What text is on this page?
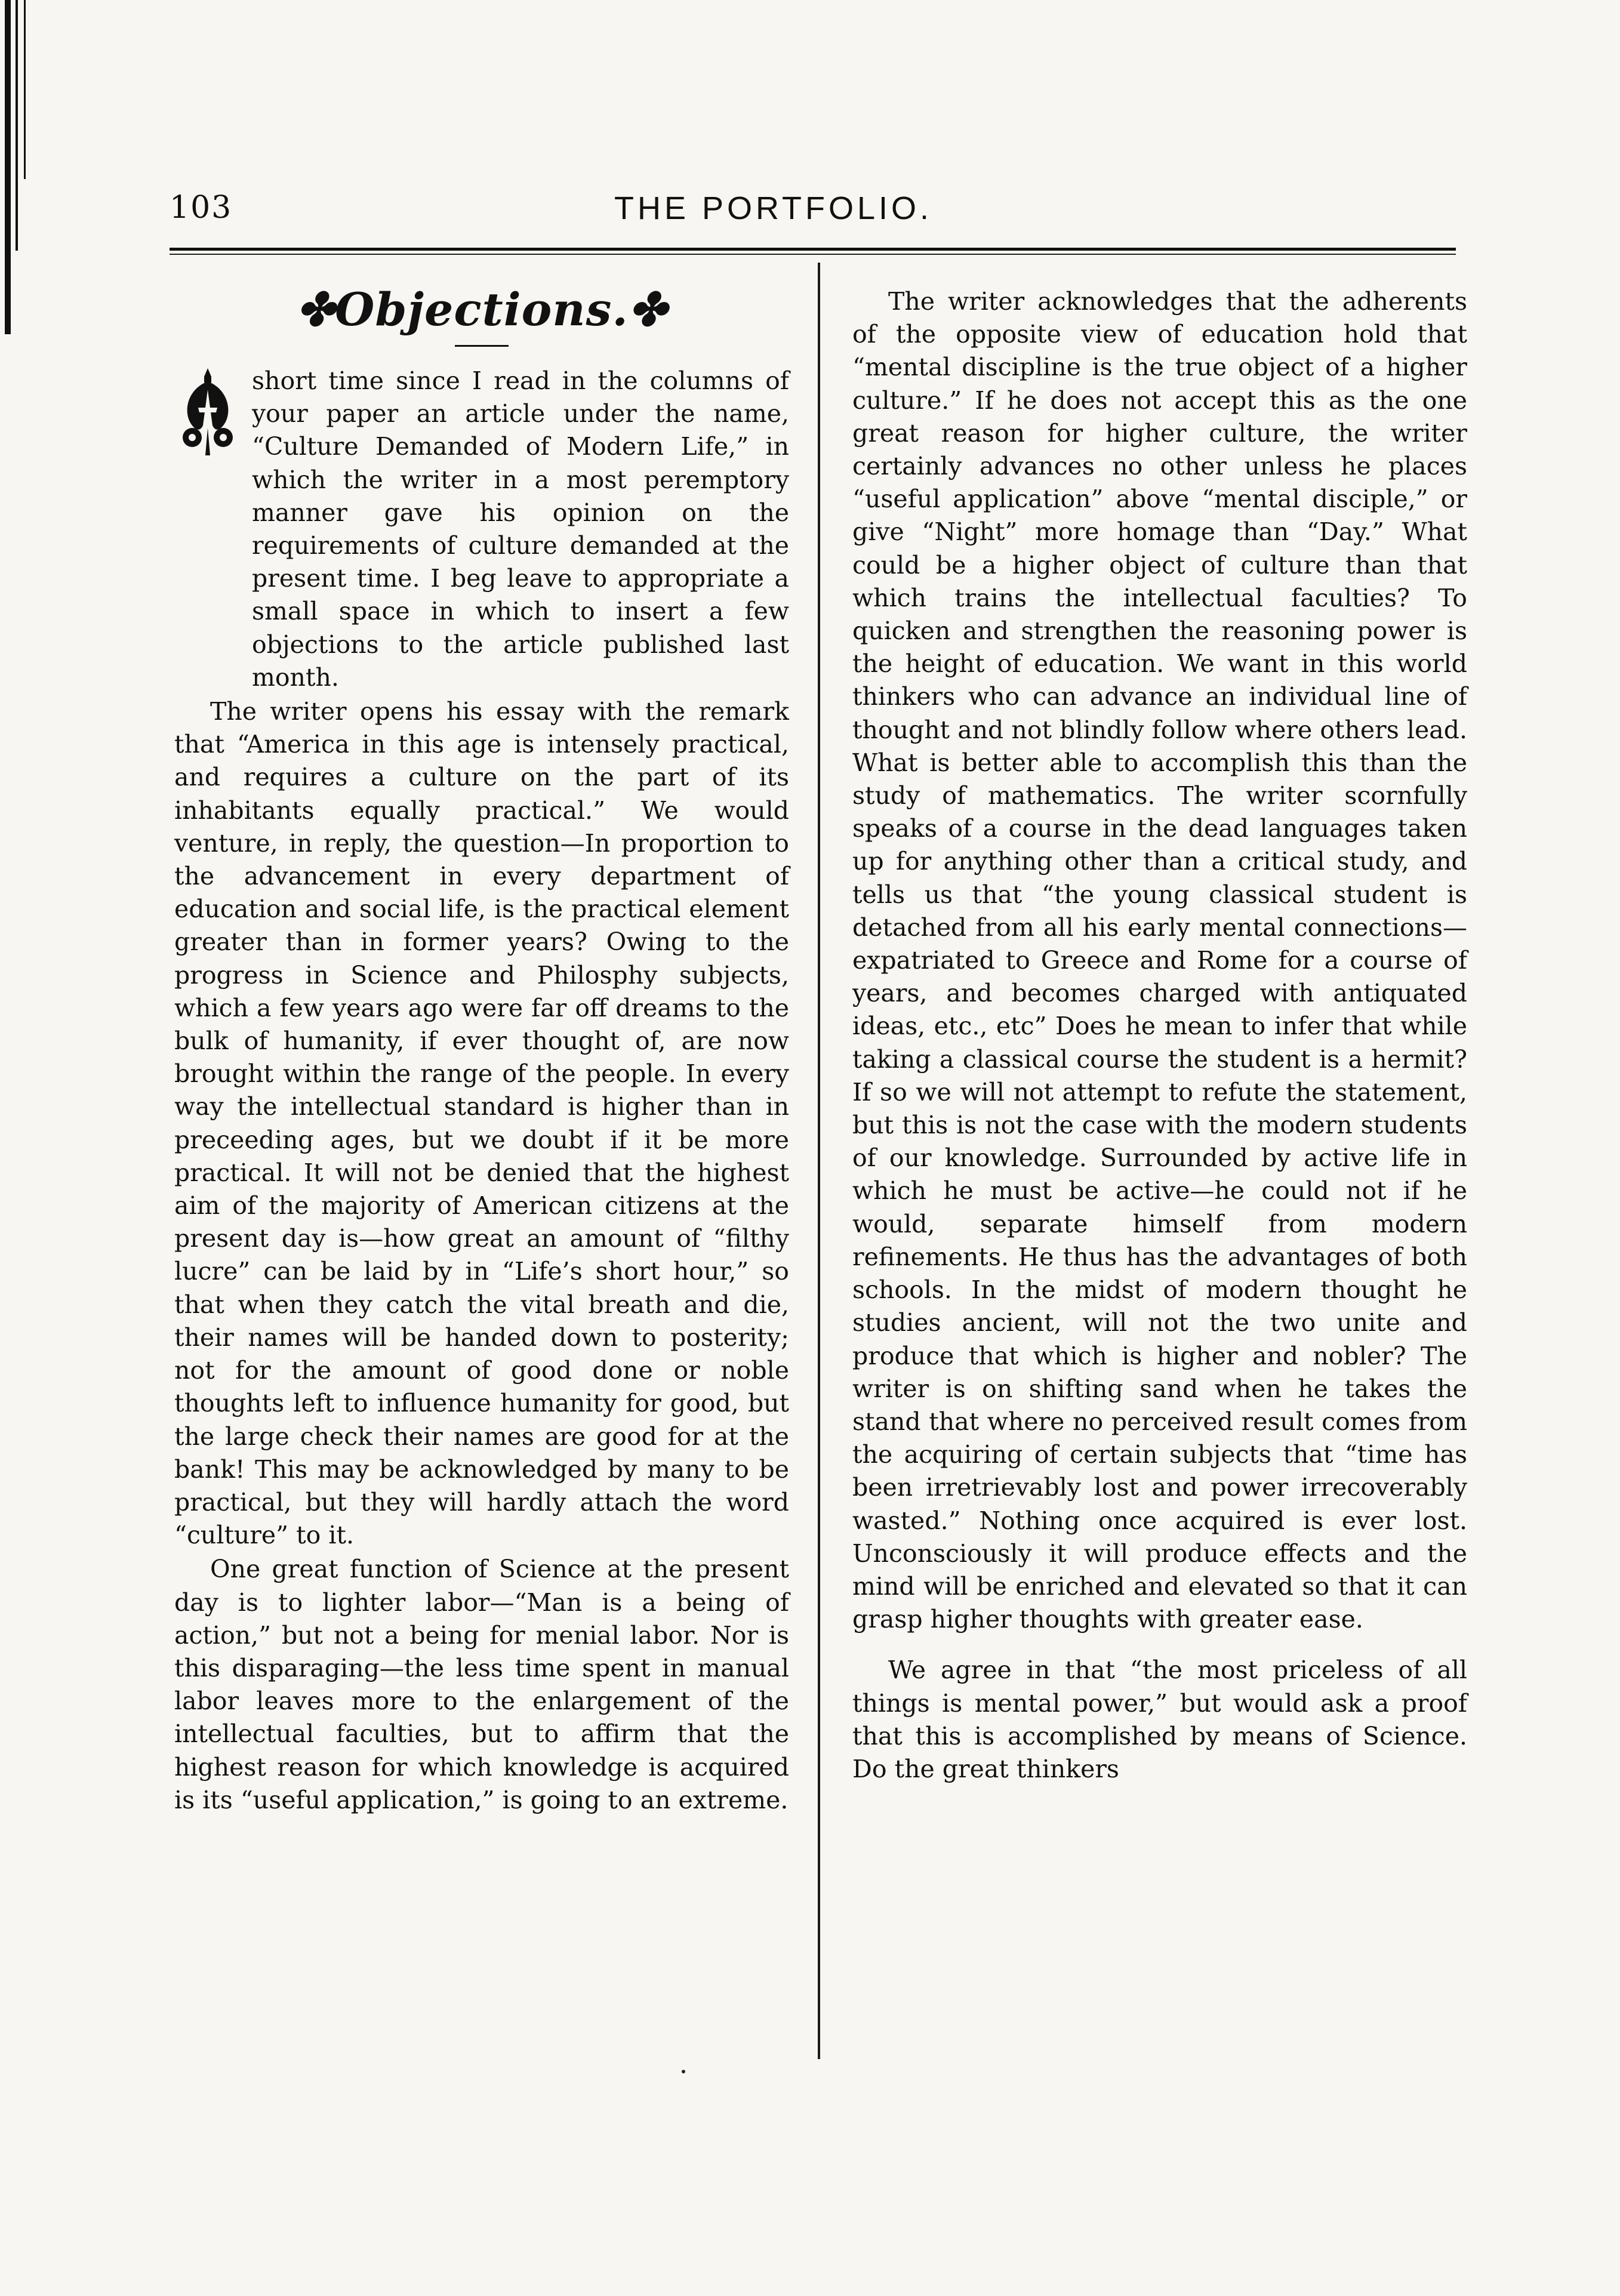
103	THE PORTFOLIO.
✤Objections.✤

short time since I read in the columns of your paper an article under the name, “Culture Demanded of Modern Life,” in which the writer in a most peremptory manner gave his opinion on the requirements of culture demanded at the present time. I beg leave to appropriate a small space in which to insert a few objections to the article published last month.

The writer opens his essay with the remark that “America in this age is intensely practical, and requires a culture on the part of its inhabitants equally practical.” We would venture, in reply, the question—In proportion to the advancement in every department of education and social life, is the practical element greater than in former years? Owing to the progress in Science and Philosphy subjects, which a few years ago were far off dreams to the bulk of humanity, if ever thought of, are now brought within the range of the people. In every way the intellectual standard is higher than in preceeding ages, but we doubt if it be more practical. It will not be denied that the highest aim of the majority of American citizens at the present day is—how great an amount of “filthy lucre” can be laid by in “Life’s short hour,” so that when they catch the vital breath and die, their names will be handed down to posterity; not for the amount of good done or noble thoughts left to influence humanity for good, but the large check their names are good for at the bank! This may be acknowledged by many to be practical, but they will hardly attach the word “culture” to it.

One great function of Science at the present day is to lighter labor—“Man is a being of action,” but not a being for menial labor. Nor is this disparaging—the less time spent in manual labor leaves more to the enlargement of the intellectual faculties, but to affirm that the highest reason for which knowledge is acquired is its “useful application,” is going to an extreme.

The writer acknowledges that the adherents of the opposite view of education hold that “mental discipline is the true object of a higher culture.” If he does not accept this as the one great reason for higher culture, the writer certainly advances no other unless he places “useful application” above “mental disciple,” or give “Night” more homage than “Day.” What could be a higher object of culture than that which trains the intellectual faculties? To quicken and strengthen the reasoning power is the height of education. We want in this world thinkers who can advance an individual line of thought and not blindly follow where others lead. What is better able to accomplish this than the study of mathematics. The writer scornfully speaks of a course in the dead languages taken up for anything other than a critical study, and tells us that “the young classical student is detached from all his early mental connections—expatriated to Greece and Rome for a course of years, and becomes charged with antiquated ideas, etc., etc” Does he mean to infer that while taking a classical course the student is a hermit? If so we will not attempt to refute the statement, but this is not the case with the modern students of our knowledge. Surrounded by active life in which he must be active—he could not if he would, separate himself from modern refinements. He thus has the advantages of both schools. In the midst of modern thought he studies ancient, will not the two unite and produce that which is higher and nobler? The writer is on shifting sand when he takes the stand that where no perceived result comes from the acquiring of certain subjects that “time has been irretrievably lost and power irrecoverably wasted.” Nothing once acquired is ever lost. Unconsciously it will produce effects and the mind will be enriched and elevated so that it can grasp higher thoughts with greater ease.

We agree in that “the most priceless of all things is mental power,” but would ask a proof that this is accomplished by means of Science. Do the great thinkers
